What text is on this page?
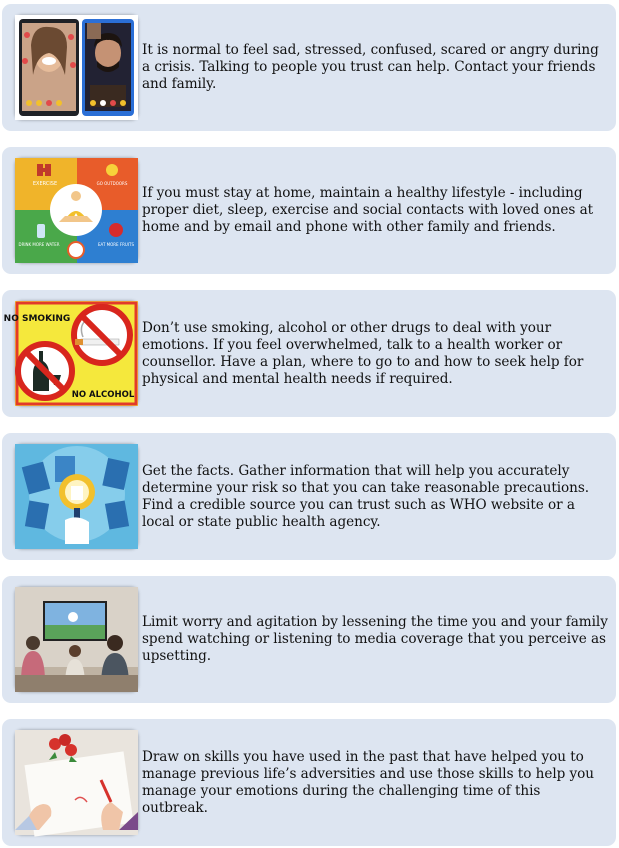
It is normal to feel sad, stressed, confused, scared or angry during a crisis. Talking to people you trust can help. Contact your friends and family.

EXERCISE	GO OUTDOORS
DRINK MORE WATER	EAT MORE FRUITS

If you must stay at home, maintain a healthy lifestyle - including proper diet, sleep, exercise and social contacts with loved ones at home and by email and phone with other family and friends.

NO SMOKING
NO ALCOHOL

Don’t use smoking, alcohol or other drugs to deal with your emotions. If you feel overwhelmed, talk to a health worker or counsellor. Have a plan, where to go to and how to seek help for physical and mental health needs if required.

Get the facts. Gather information that will help you accurately determine your risk so that you can take reasonable precautions. Find a credible source you can trust such as WHO website or a local or state public health agency.

Limit worry and agitation by lessening the time you and your family spend watching or listening to media coverage that you perceive as upsetting.

Draw on skills you have used in the past that have helped you to manage previous life’s adversities and use those skills to help you manage your emotions during the challenging time of this outbreak.
